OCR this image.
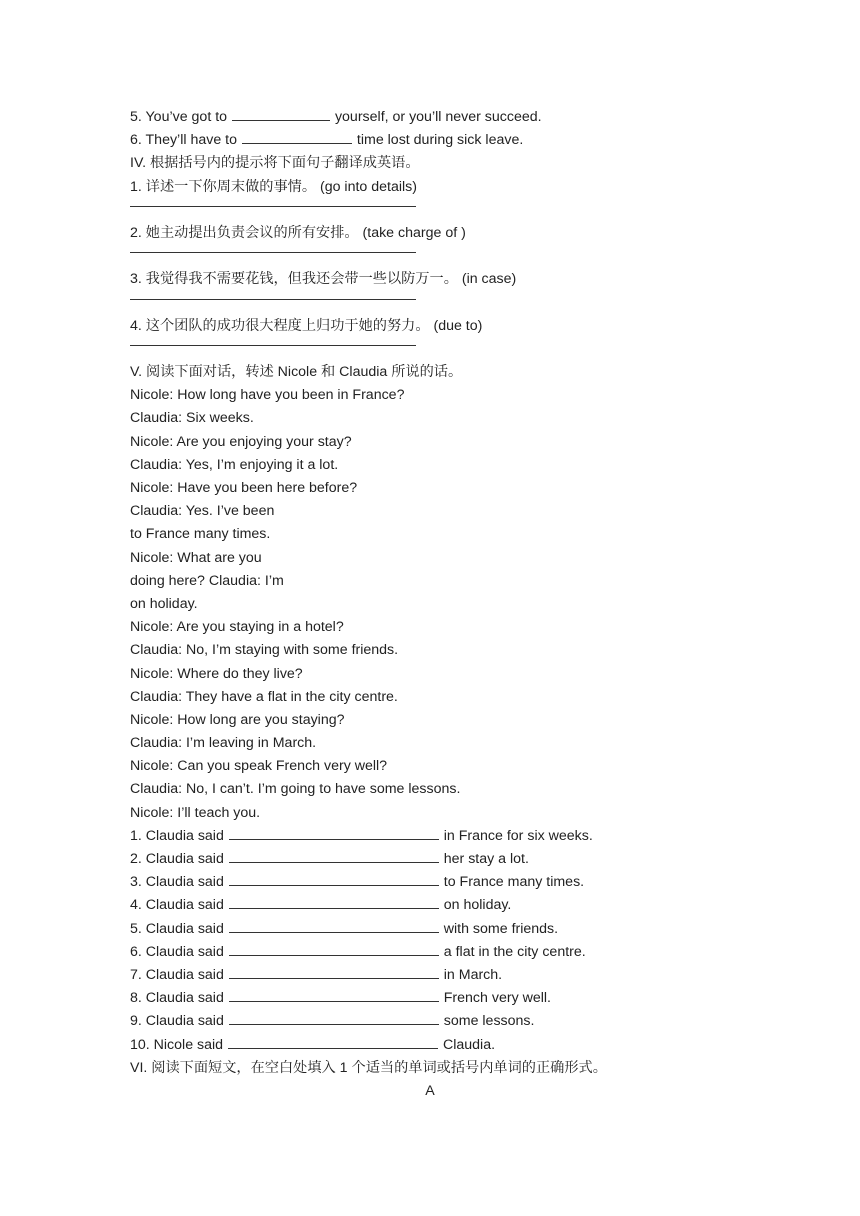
5. You’ve got to	yourself, or you’ll never succeed.
6. They’ll have to	time lost during sick leave.
IV. 根据括号内的提示将下面句子翻译成英语。
1. 详述一下你周末做的事情。 (go into details)
2. 她主动提出负责会议的所有安排。 (take charge of )
3. 我觉得我不需要花钱，但我还会带一些以防万一。 (in case)
4. 这个团队的成功很大程度上归功于她的努力。 (due to)
V. 阅读下面对话，转述 Nicole 和 Claudia 所说的话。
Nicole: How long have you been in France?
Claudia: Six weeks.
Nicole: Are you enjoying your stay?
Claudia: Yes, I’m enjoying it a lot.
Nicole: Have you been here before?
Claudia: Yes. I’ve been
to France many times.
Nicole: What are you
doing here? Claudia: I’m
on holiday.
Nicole: Are you staying in a hotel?
Claudia: No, I’m staying with some friends.
Nicole: Where do they live?
Claudia: They have a flat in the city centre.
Nicole: How long are you staying?
Claudia: I’m leaving in March.
Nicole: Can you speak French very well?
Claudia: No, I can’t. I’m going to have some lessons.
Nicole: I’ll teach you.
1. Claudia said	in France for six weeks.
2. Claudia said	her stay a lot.
3. Claudia said	to France many times.
4. Claudia said	on holiday.
5. Claudia said	with some friends.
6. Claudia said	a flat in the city centre.
7. Claudia said	in March.
8. Claudia said	French very well.
9. Claudia said	some lessons.
10. Nicole said	Claudia.
VI. 阅读下面短文，在空白处填入 1 个适当的单词或括号内单词的正确形式。
A
